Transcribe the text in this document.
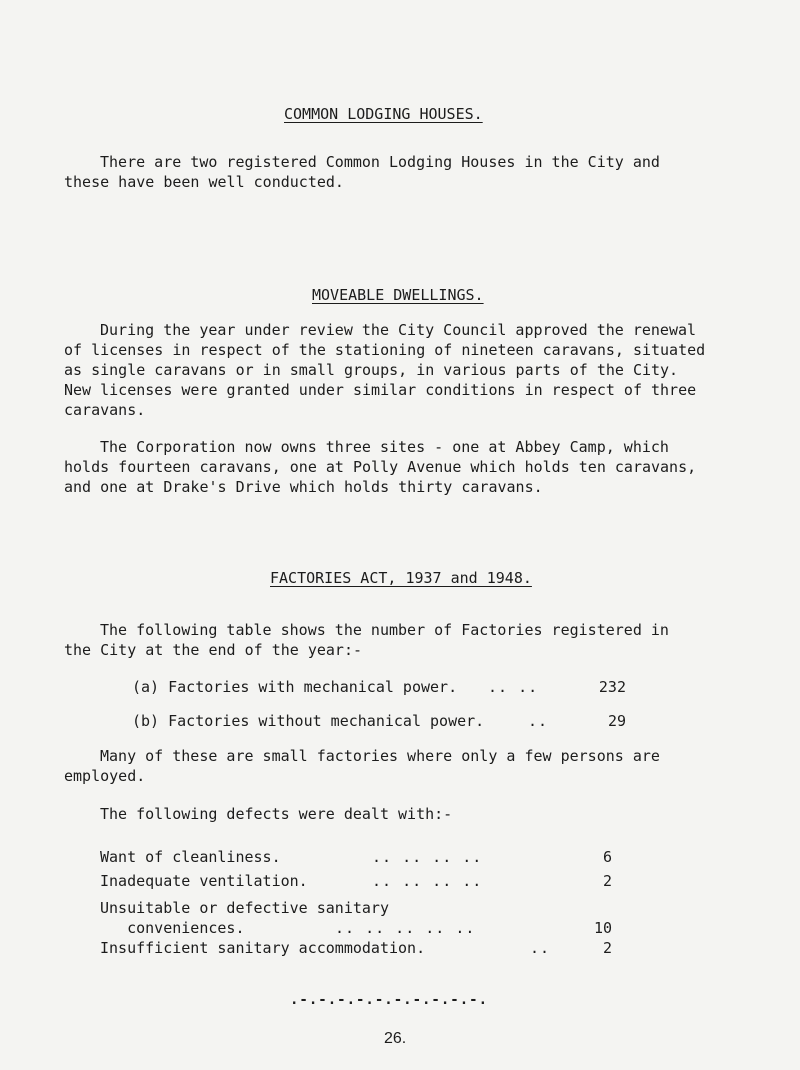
COMMON LODGING HOUSES.
There are two registered Common Lodging Houses in the City and
these have been well conducted.
MOVEABLE DWELLINGS.
During the year under review the City Council approved the renewal
of licenses in respect of the stationing of nineteen caravans, situated
as single caravans or in small groups, in various parts of the City.
New licenses were granted under similar conditions in respect of three
caravans.
The Corporation now owns three sites - one at Abbey Camp, which
holds fourteen caravans, one at Polly Avenue which holds ten caravans,
and one at Drake's Drive which holds thirty caravans.
FACTORIES ACT, 1937 and 1948.
The following table shows the number of Factories registered in
the City at the end of the year:-
(a) Factories with mechanical power. .. ..	232
(b) Factories without mechanical power.	..	29
Many of these are small factories where only a few persons are
employed.
The following defects were dealt with:-
Want of cleanliness.	.. .. .. ..	6
Inadequate ventilation.	.. .. .. ..	2
Unsuitable or defective sanitary
conveniences.	.. .. .. .. ..	10
Insufficient sanitary accommodation.	..	2
.-.-.-.-.-.-.-.-.-.-.
26.
